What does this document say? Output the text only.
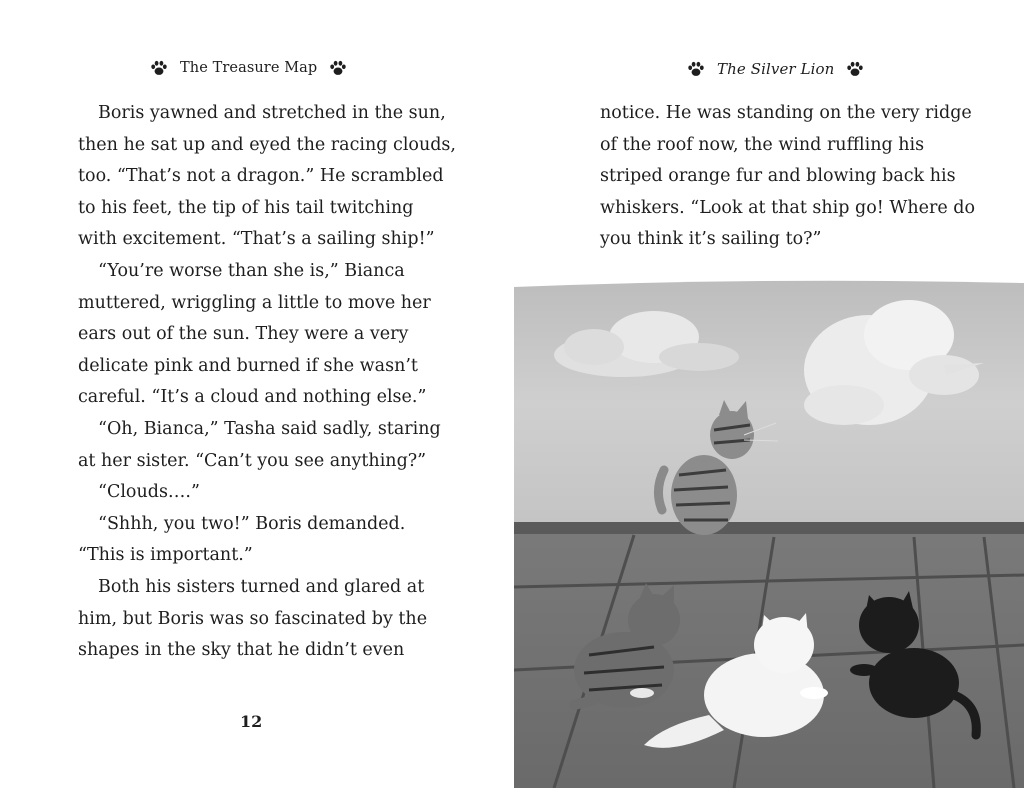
The Treasure Map
Boris yawned and stretched in the sun,
then he sat up and eyed the racing clouds,
too. “That’s not a dragon.” He scrambled
to his feet, the tip of his tail twitching
with excitement. “That’s a sailing ship!”
“You’re worse than she is,” Bianca
muttered, wriggling a little to move her
ears out of the sun. They were a very
delicate pink and burned if she wasn’t
careful. “It’s a cloud and nothing else.”
“Oh, Bianca,” Tasha said sadly, staring
at her sister. “Can’t you see anything?”
“Clouds….”
“Shhh, you two!” Boris demanded.
“This is important.”
Both his sisters turned and glared at
him, but Boris was so fascinated by the
shapes in the sky that he didn’t even
12
The Silver Lion
notice. He was standing on the very ridge
of the roof now, the wind ruffling his
striped orange fur and blowing back his
whiskers. “Look at that ship go! Where do
you think it’s sailing to?”
